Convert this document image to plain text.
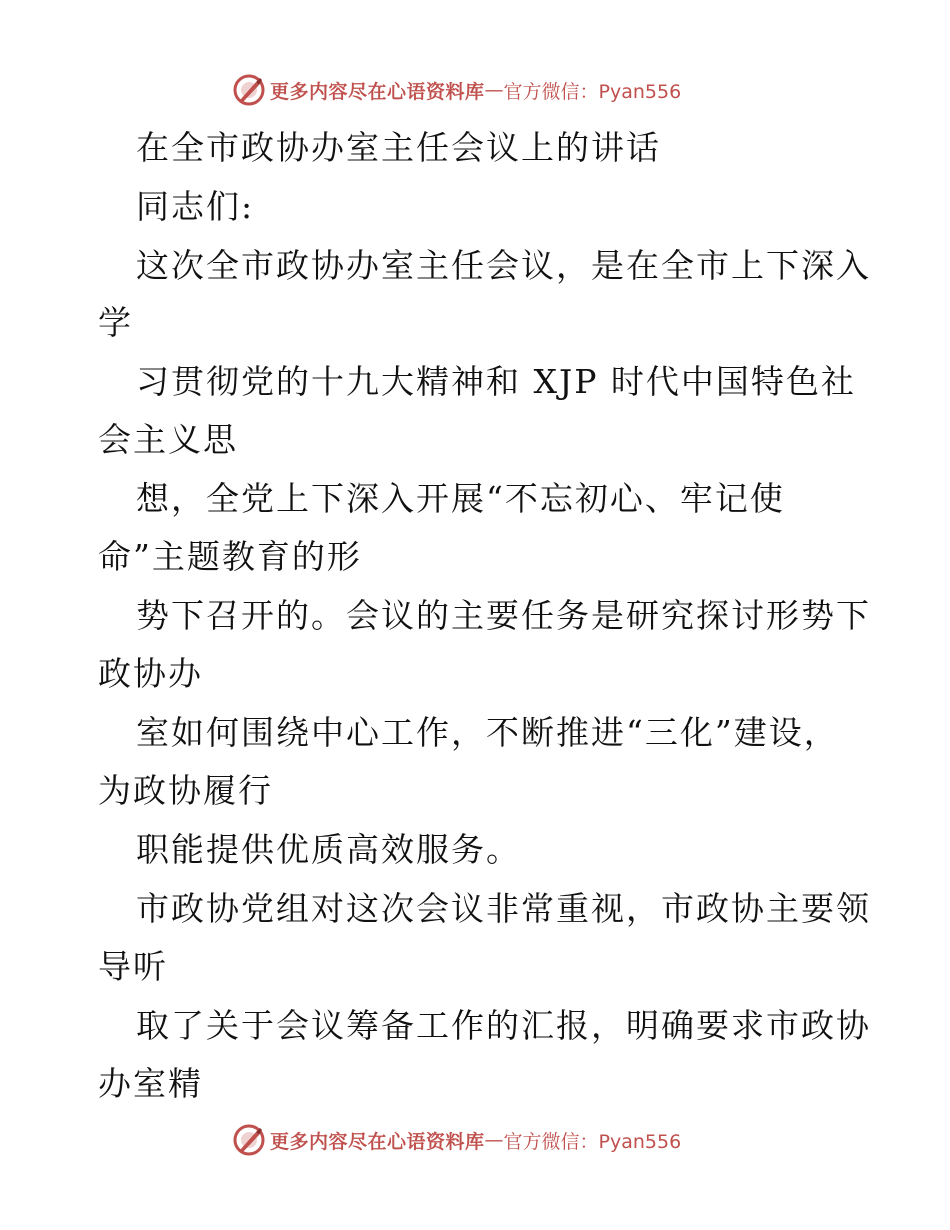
更多内容尽在心语资料库 — 官方微信：Pyan556
在全市政协办室主任会议上的讲话
同志们:
这次全市政协办室主任会议，是在全市上下深入
学
习贯彻党的十九大精神和 XJP 时代中国特色社
会主义思
想，全党上下深入开展“不忘初心、牢记使
命”主题教育的形
势下召开的。会议的主要任务是研究探讨形势下
政协办
室如何围绕中心工作，不断推进“三化”建设，
为政协履行
职能提供优质高效服务。
市政协党组对这次会议非常重视，市政协主要领
导听
取了关于会议筹备工作的汇报，明确要求市政协
办室精
更多内容尽在心语资料库 — 官方微信：Pyan556
